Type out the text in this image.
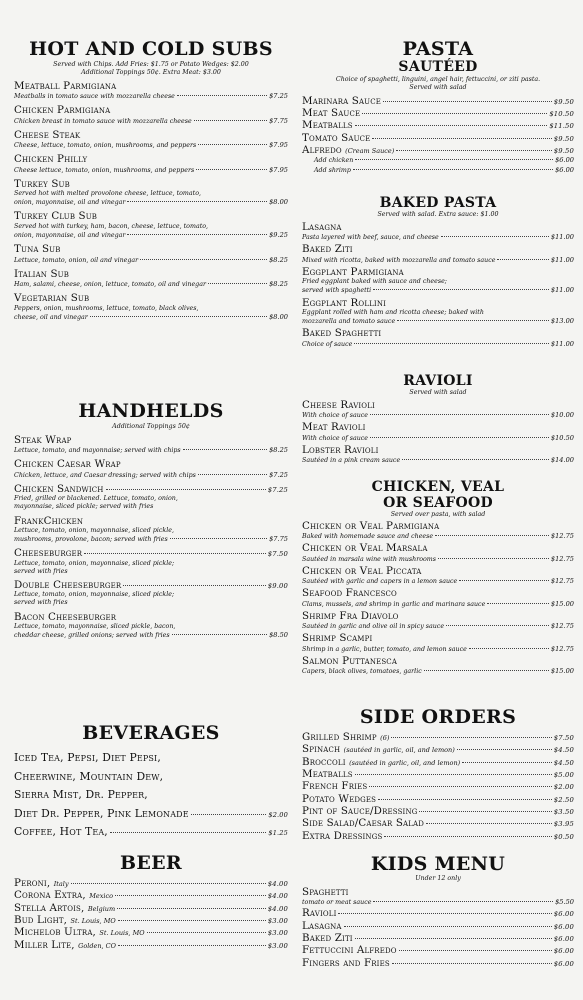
HOT AND COLD SUBS
Served with Chips. Add Fries: $1.75 or Potato Wedges: $2.00
Additional Toppings 50¢. Extra Meat: $3.00
Meatball Parmigiana
Meatballs in tomato sauce with mozzarella cheese	$7.25
Chicken Parmigiana
Chicken breast in tomato sauce with mozzarella cheese	$7.75
Cheese Steak
Cheese, lettuce, tomato, onion, mushrooms, and peppers	$7.95
Chicken Philly
Cheese lettuce, tomato, onion, mushrooms, and peppers	$7.95
Turkey Sub
Served hot with melted provolone cheese, lettuce, tomato,
onion, mayonnaise, oil and vinegar	$8.00
Turkey Club Sub
Served hot with turkey, ham, bacon, cheese, lettuce, tomato,
onion, mayonnaise, oil and vinegar	$9.25
Tuna Sub
Lettuce, tomato, onion, oil and vinegar	$8.25
Italian Sub
Ham, salami, cheese, onion, lettuce, tomato, oil and vinegar	$8.25
Vegetarian Sub
Peppers, onion, mushrooms, lettuce, tomato, black olives,
cheese, oil and vinegar	$8.00
HANDHELDS
Additional Toppings 50¢
Steak Wrap
Lettuce, tomato, and mayonnaise; served with chips	$8.25
Chicken Caesar Wrap
Chicken, lettuce, and Caesar dressing; served with chips	$7.25
Chicken Sandwich	$7.25
Fried, grilled or blackened. Lettuce, tomato, onion,
mayonnaise, sliced pickle; served with fries
FrankChicken
Lettuce, tomato, onion, mayonnaise, sliced pickle,
mushrooms, provolone, bacon; served with fries	$7.75
Cheeseburger	$7.50
Lettuce, tomato, onion, mayonnaise, sliced pickle;
served with fries
Double Cheeseburger	$9.00
Lettuce, tomato, onion, mayonnaise, sliced pickle;
served with fries
Bacon Cheeseburger
Lettuce, tomato, mayonnaise, sliced pickle, bacon,
cheddar cheese, grilled onions; served with fries	$8.50
BEVERAGES
Iced Tea, Pepsi, Diet Pepsi,
Cheerwine, Mountain Dew,
Sierra Mist, Dr. Pepper,
Diet Dr. Pepper, Pink Lemonade	$2.00
Coffee, Hot Tea,	$1.25
BEER
Peroni,
Italy	$4.00
Corona Extra,
Mexico	$4.00
Stella Artois,
Belgium	$4.00
Bud Light,
St. Louis, MO	$3.00
Michelob Ultra,
St. Louis, MO	$3.00
Miller Lite,
Golden, CO	$3.00
PASTA
SAUTÉED
Choice of spaghetti, linguini, angel hair, fettuccini, or ziti pasta.
Served with salad
Marinara Sauce	$9.50
Meat Sauce	$10.50
Meatballs	$11.50
Tomato Sauce	$9.50
Alfredo
(Cream Sauce)	$9.50
Add chicken	$6.00
Add shrimp	$6.00
BAKED PASTA
Served with salad. Extra sauce: $1.00
Lasagna
Pasta layered with beef, sauce, and cheese	$11.00
Baked Ziti
Mixed with ricotta, baked with mozzarella and tomato sauce	$11.00
Eggplant Parmigiana
Fried eggplant baked with sauce and cheese;
served with spaghetti	$11.00
Eggplant Rollini
Eggplant rolled with ham and ricotta cheese; baked with
mozzarella and tomato sauce	$13.00
Baked Spaghetti
Choice of sauce	$11.00
RAVIOLI
Served with salad
Cheese Ravioli
With choice of sauce	$10.00
Meat Ravioli
With choice of sauce	$10.50
Lobster Ravioli
Sautéed in a pink cream sauce	$14.00
CHICKEN, VEAL
OR SEAFOOD
Served over pasta, with salad
Chicken or Veal Parmigiana
Baked with homemade sauce and cheese	$12.75
Chicken or Veal Marsala
Sautéed in marsala wine with mushrooms	$12.75
Chicken or Veal Piccata
Sautéed with garlic and capers in a lemon sauce	$12.75
Seafood Francesco
Clams, mussels, and shrimp in garlic and marinara sauce	$15.00
Shrimp Fra Diavolo
Sautéed in garlic and olive oil in spicy sauce	$12.75
Shrimp Scampi
Shrimp in a garlic, butter, tomato, and lemon sauce	$12.75
Salmon Puttanesca
Capers, black olives, tomatoes, garlic	$15.00
SIDE ORDERS
Grilled Shrimp
(6)	$7.50
Spinach
(sautéed in garlic, oil, and lemon)	$4.50
Broccoli
(sautéed in garlic, oil, and lemon)	$4.50
Meatballs	$5.00
French Fries	$2.00
Potato Wedges	$2.50
Pint of Sauce/Dressing	$3.50
Side Salad/Caesar Salad	$3.95
Extra Dressings	$0.50
KIDS MENU
Under 12 only
Spaghetti
tomato or meat sauce	$5.50
Ravioli	$6.00
Lasagna	$6.00
Baked Ziti	$6.00
Fettuccini Alfredo	$6.00
Fingers and Fries	$6.00
